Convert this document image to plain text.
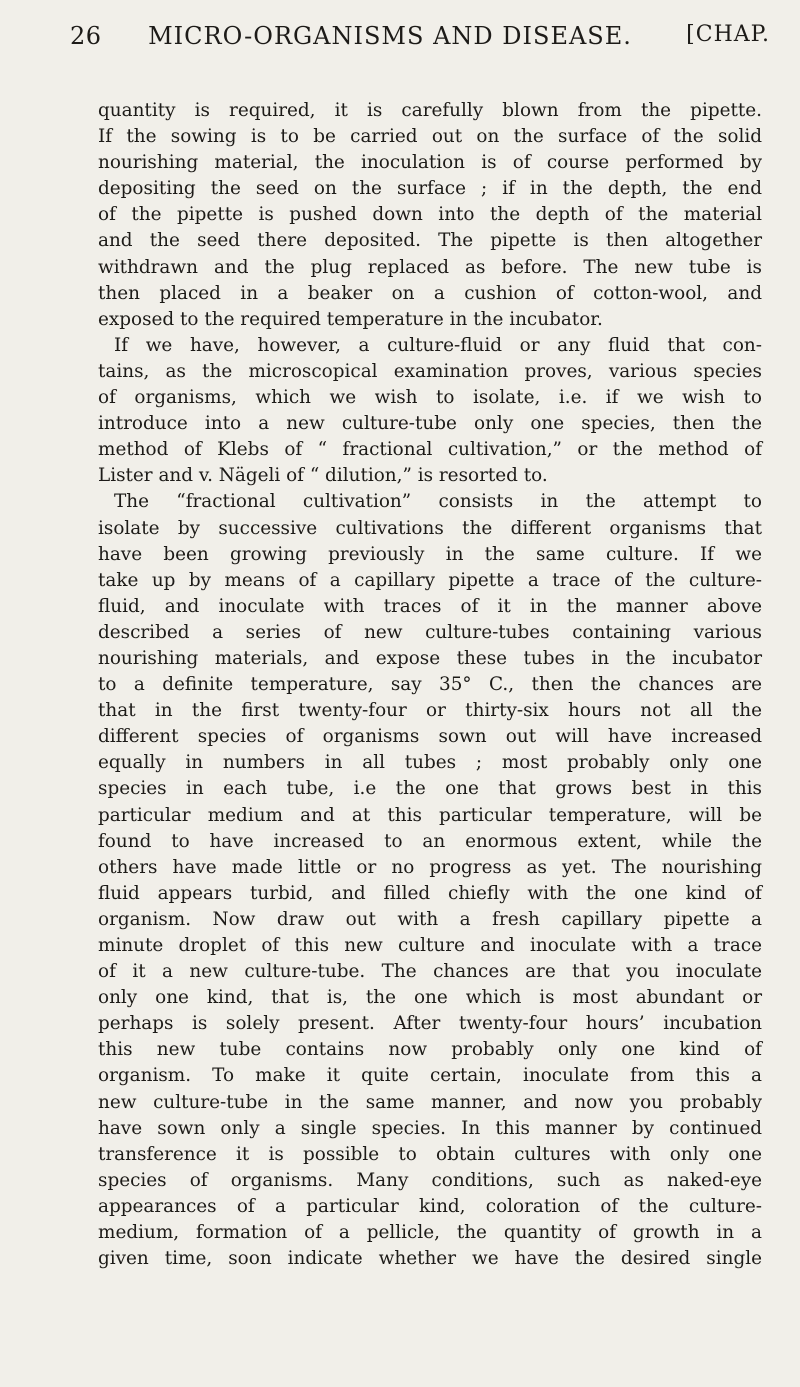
26	MICRO-ORGANISMS AND DISEASE.	[CHAP.
quantity is required, it is carefully blown from the pipette.
If the sowing is to be carried out on the surface of the solid
nourishing material, the inoculation is of course performed by
depositing the seed on the surface ; if in the depth, the end
of the pipette is pushed down into the depth of the material
and the seed there deposited. The pipette is then altogether
withdrawn and the plug replaced as before. The new tube is
then placed in a beaker on a cushion of cotton-wool, and
exposed to the required temperature in the incubator.
If we have, however, a culture-fluid or any fluid that con-
tains, as the microscopical examination proves, various species
of organisms, which we wish to isolate, i.e. if we wish to
introduce into a new culture-tube only one species, then the
method of Klebs of “ fractional cultivation,” or the method of
Lister and v. Nägeli of “ dilution,” is resorted to.
The “fractional cultivation” consists in the attempt to
isolate by successive cultivations the different organisms that
have been growing previously in the same culture. If we
take up by means of a capillary pipette a trace of the culture-
fluid, and inoculate with traces of it in the manner above
described a series of new culture-tubes containing various
nourishing materials, and expose these tubes in the incubator
to a definite temperature, say 35° C., then the chances are
that in the first twenty-four or thirty-six hours not all the
different species of organisms sown out will have increased
equally in numbers in all tubes ; most probably only one
species in each tube, i.e the one that grows best in this
particular medium and at this particular temperature, will be
found to have increased to an enormous extent, while the
others have made little or no progress as yet. The nourishing
fluid appears turbid, and filled chiefly with the one kind of
organism. Now draw out with a fresh capillary pipette a
minute droplet of this new culture and inoculate with a trace
of it a new culture-tube. The chances are that you inoculate
only one kind, that is, the one which is most abundant or
perhaps is solely present. After twenty-four hours’ incubation
this new tube contains now probably only one kind of
organism. To make it quite certain, inoculate from this a
new culture-tube in the same manner, and now you probably
have sown only a single species. In this manner by continued
transference it is possible to obtain cultures with only one
species of organisms. Many conditions, such as naked-eye
appearances of a particular kind, coloration of the culture-
medium, formation of a pellicle, the quantity of growth in a
given time, soon indicate whether we have the desired single
